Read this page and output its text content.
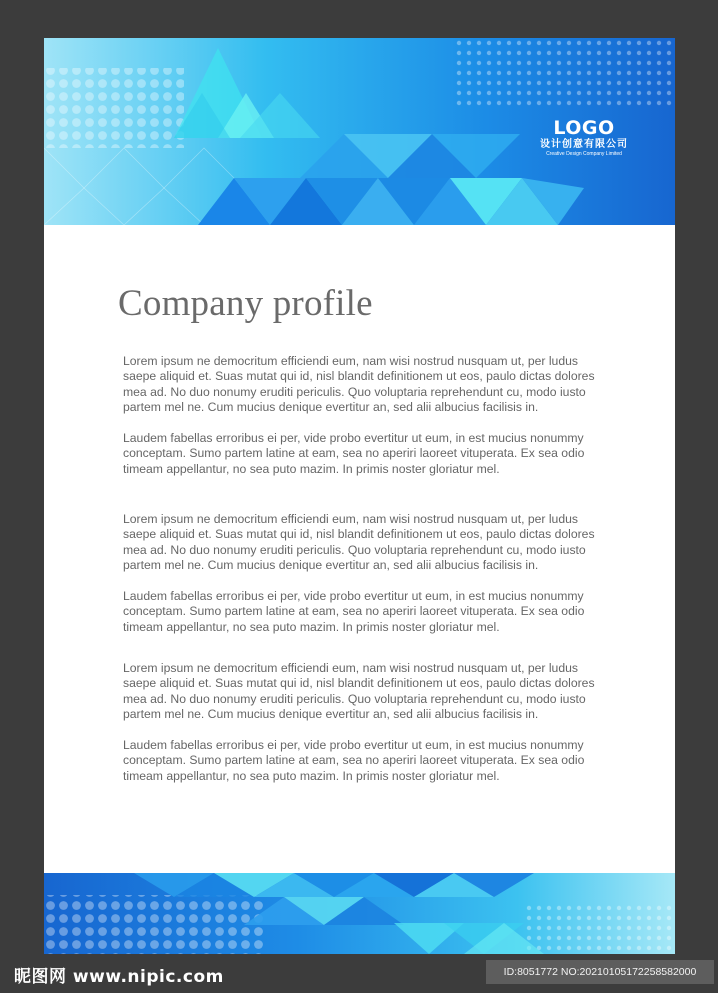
LOGO
设计创意有限公司
Creative Design Company Limited
Company profile

Lorem ipsum ne democritum efficiendi eum, nam wisi nostrud nusquam ut, per ludus saepe aliquid et. Suas mutat qui id, nisl blandit definitionem ut eos, paulo dictas dolores mea ad. No duo nonumy eruditi periculis. Quo voluptaria reprehendunt cu, modo iusto partem mel ne. Cum mucius denique evertitur an, sed alii albucius facilisis in.

Laudem fabellas erroribus ei per, vide probo evertitur ut eum, in est mucius nonummy conceptam. Sumo partem latine at eam, sea no aperiri laoreet vituperata. Ex sea odio timeam appellantur, no sea puto mazim. In primis noster gloriatur mel.

Lorem ipsum ne democritum efficiendi eum, nam wisi nostrud nusquam ut, per ludus saepe aliquid et. Suas mutat qui id, nisl blandit definitionem ut eos, paulo dictas dolores mea ad. No duo nonumy eruditi periculis. Quo voluptaria reprehendunt cu, modo iusto partem mel ne. Cum mucius denique evertitur an, sed alii albucius facilisis in.

Laudem fabellas erroribus ei per, vide probo evertitur ut eum, in est mucius nonummy conceptam. Sumo partem latine at eam, sea no aperiri laoreet vituperata. Ex sea odio timeam appellantur, no sea puto mazim. In primis noster gloriatur mel.

Lorem ipsum ne democritum efficiendi eum, nam wisi nostrud nusquam ut, per ludus saepe aliquid et. Suas mutat qui id, nisl blandit definitionem ut eos, paulo dictas dolores mea ad. No duo nonumy eruditi periculis. Quo voluptaria reprehendunt cu, modo iusto partem mel ne. Cum mucius denique evertitur an, sed alii albucius facilisis in.

Laudem fabellas erroribus ei per, vide probo evertitur ut eum, in est mucius nonummy conceptam. Sumo partem latine at eam, sea no aperiri laoreet vituperata. Ex sea odio timeam appellantur, no sea puto mazim. In primis noster gloriatur mel.

昵图网 www.nipic.com	ID:8051772 NO:20210105172258582000
